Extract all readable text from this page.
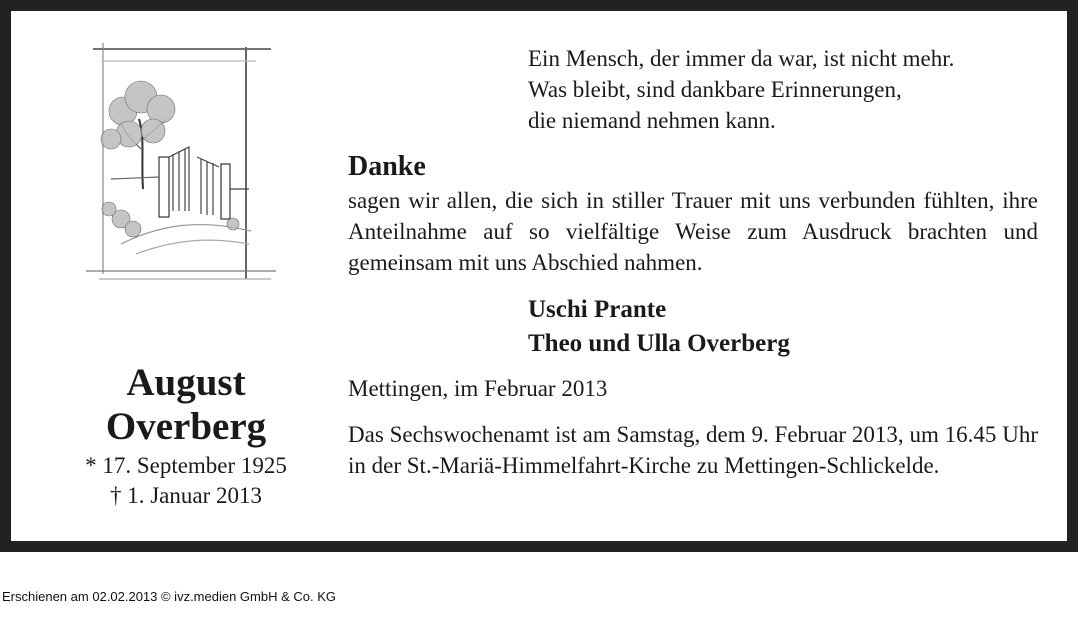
August
Overberg
* 17. September 1925
† 1. Januar 2013
Ein Mensch, der immer da war, ist nicht mehr.
Was bleibt, sind dankbare Erinnerungen,
die niemand nehmen kann.
Danke
sagen wir allen, die sich in stiller Trauer mit uns verbunden fühlten, ihre Anteilnahme auf so vielfältige Weise zum Ausdruck brachten und gemeinsam mit uns Abschied nahmen.
Uschi Prante
Theo und Ulla Overberg
Mettingen, im Februar 2013
Das Sechswochenamt ist am Samstag, dem 9. Februar 2013, um 16.45 Uhr in der St.-Mariä-Himmelfahrt-Kirche zu Mettingen-Schlickelde.
Erschienen am 02.02.2013 © ivz.medien GmbH & Co. KG
